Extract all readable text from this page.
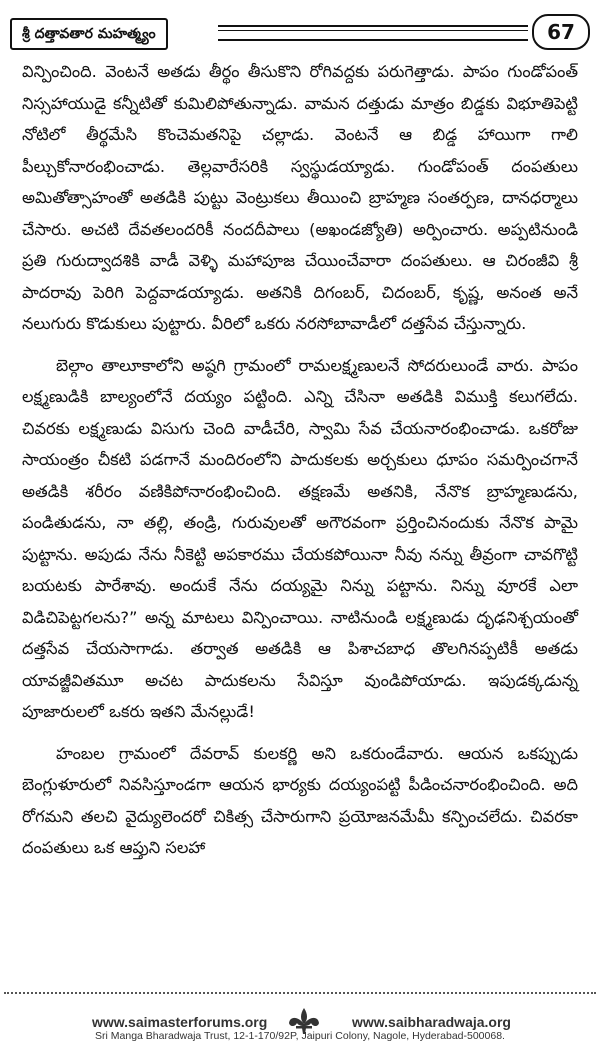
శ్రీ దత్తావతార మహత్మ్యం	67

విన్పించింది. వెంటనే అతడు తీర్థం తీసుకొని రోగివద్దకు పరుగెత్తాడు. పాపం గుండోపంత్ నిస్సహాయుడై కన్నీటితో కుమిలిపోతున్నాడు. వామన దత్తుడు మాత్రం బిడ్డకు విభూతిపెట్టి నోటిలో తీర్థమేసి కొంచెమతనిపై చల్లాడు. వెంటనే ఆ బిడ్డ హాయిగా గాలి పీల్చుకోనారంభించాడు. తెల్లవారేసరికి స్వస్థుడయ్యాడు. గుండోపంత్ దంపతులు అమితోత్సాహంతో అతడికి పుట్టు వెంట్రుకలు తీయించి బ్రాహ్మణ సంతర్పణ, దానధర్మాలు చేసారు. అచటి దేవతలందరికీ నందదీపాలు (అఖండజ్యోతి) అర్పించారు. అప్పటినుండి ప్రతి గురుద్వాదశికి వాడీ వెళ్ళి మహాపూజ చేయించేవారా దంపతులు. ఆ చిరంజీవి శ్రీ పాదరావు పెరిగి పెద్దవాడయ్యాడు. అతనికి దిగంబర్, చిదంబర్, కృష్ణ, అనంత అనే నలుగురు కొడుకులు పుట్టారు. వీరిలో ఒకరు నరసోబావాడీలో దత్తసేవ చేస్తున్నారు.

బెల్గాం తాలూకాలోని అష్ఠగి గ్రామంలో రామలక్ష్మణులనే సోదరులుండే వారు. పాపం లక్ష్మణుడికి బాల్యంలోనే దయ్యం పట్టింది. ఎన్ని చేసినా అతడికి విముక్తి కలుగలేదు. చివరకు లక్ష్మణుడు విసుగు చెంది వాడీచేరి, స్వామి సేవ చేయనారంభించాడు. ఒకరోజు సాయంత్రం చీకటి పడగానే మందిరంలోని పాదుకలకు అర్చకులు ధూపం సమర్పించగానే అతడికి శరీరం వణికిపోనారంభించింది. తక్షణమే అతనికి, నేనొక బ్రాహ్మణుడను, పండితుడను, నా తల్లి, తండ్రి, గురువులతో అగౌరవంగా ప్రర్తించినందుకు నేనొక పామై పుట్టాను. అపుడు నేను నీకెట్టి అపకారము చేయకపోయినా నీవు నన్ను తీవ్రంగా చావగొట్టి బయటకు పారేశావు. అందుకే నేను దయ్యమై నిన్ను పట్టాను. నిన్ను వూరకే ఎలా విడిచిపెట్టగలను?” అన్న మాటలు విన్పించాయి. నాటినుండి లక్ష్మణుడు దృఢనిశ్చయంతో దత్తసేవ చేయసాగాడు. తర్వాత అతడికి ఆ పిశాచబాధ తొలగినప్పటికీ అతడు యావజ్జీవితమూ అచట పాదుకలను సేవిస్తూ వుండిపోయాడు. ఇపుడక్కడున్న పూజారులలో ఒకరు ఇతని మేనల్లుడే!

హంబల గ్రామంలో దేవరావ్ కులకర్ణి అని ఒకరుండేవారు. ఆయన ఒకప్పుడు బెంగ్లుళూరులో నివసిస్తూండగా ఆయన భార్యకు దయ్యంపట్టి పీడించనారంభించింది. అది రోగమని తలచి వైద్యులెందరో చికిత్స చేసారుగాని ప్రయోజనమేమీ కన్పించలేదు. చివరకా దంపతులు ఒక ఆప్తుని సలహా

www.saimasterforums.org	www.saibharadwaja.org
Sri Manga Bharadwaja Trust, 12-1-170/92P, Jaipuri Colony, Nagole, Hyderabad-500068.
